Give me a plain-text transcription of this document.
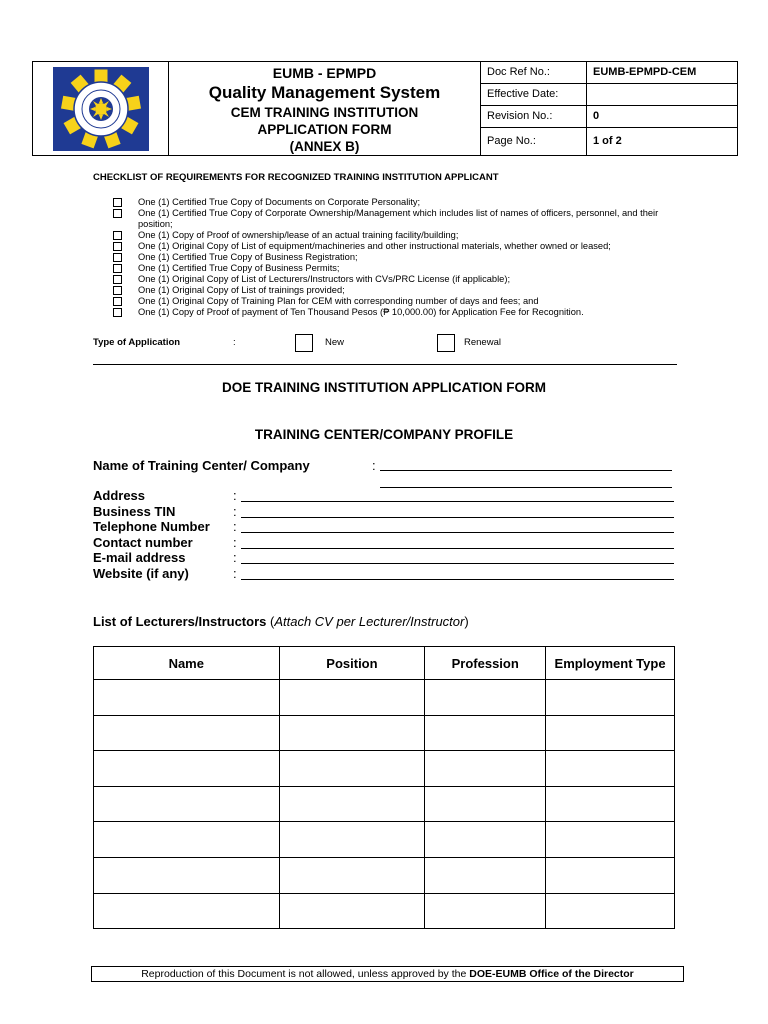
EUMB - EPMPD
Quality Management System
CEM TRAINING INSTITUTION
APPLICATION FORM
(ANNEX B)
Doc Ref No.:	EUMB-EPMPD-CEM
Effective Date:
Revision No.:	0
Page No.:	1 of 2
CHECKLIST OF REQUIREMENTS FOR RECOGNIZED TRAINING INSTITUTION APPLICANT
One (1) Certified True Copy of Documents on Corporate Personality;
One (1) Certified True Copy of Corporate Ownership/Management which includes list of names of officers, personnel, and their position;
One (1) Copy of Proof of ownership/lease of an actual training facility/building;
One (1) Original Copy of List of equipment/machineries and other instructional materials, whether owned or leased;
One (1) Certified True Copy of Business Registration;
One (1) Certified True Copy of Business Permits;
One (1) Original Copy of List of Lecturers/Instructors with CVs/PRC License (if applicable);
One (1) Original Copy of List of trainings provided;
One (1) Original Copy of Training Plan for CEM with corresponding number of days and fees; and
One (1) Copy of Proof of payment of Ten Thousand Pesos (₱ 10,000.00) for Application Fee for Recognition.
Type of Application	:	New	Renewal
DOE TRAINING INSTITUTION APPLICATION FORM
TRAINING CENTER/COMPANY PROFILE
Name of Training Center/ Company	:
Address	:
Business TIN	:
Telephone Number :
Contact number	:
E-mail address	:
Website (if any)	:
List of Lecturers/Instructors (Attach CV per Lecturer/Instructor)
Name	Position	Profession	Employment Type

Reproduction of this Document is not allowed, unless approved by the DOE-EUMB Office of the Director
